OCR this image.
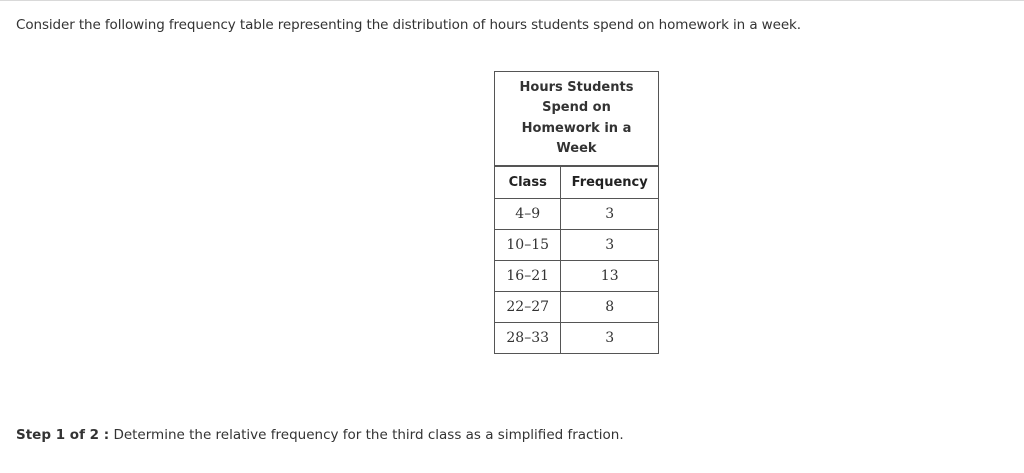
Consider the following frequency table representing the distribution of hours students spend on homework in a week.
Hours Students
Spend on
Homework in a
Week	

Class	Frequency
4–9	3
10–15	3
16–21	13
22–27	8
28–33	3
Step 1 of 2 : Determine the relative frequency for the third class as a simplified fraction.
